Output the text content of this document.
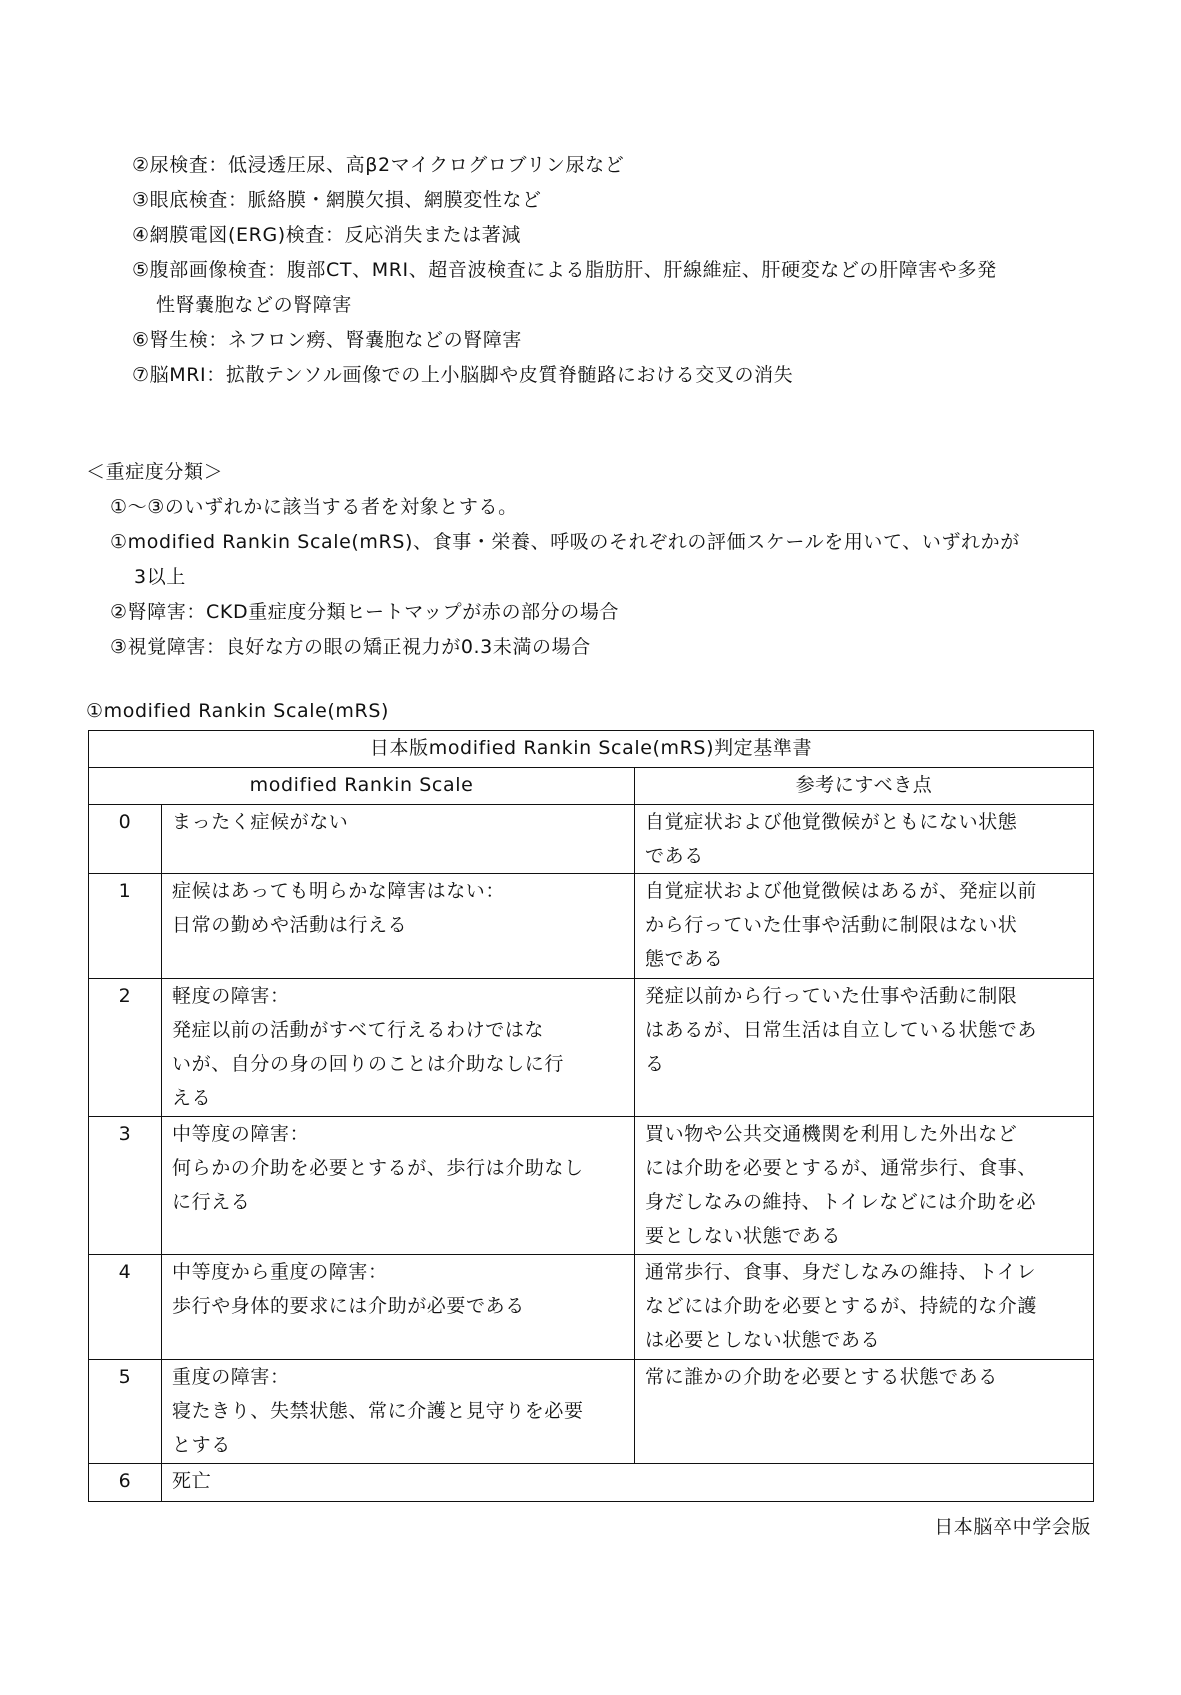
②尿検査：低浸透圧尿、高β2マイクログロブリン尿など
③眼底検査：脈絡膜・網膜欠損、網膜変性など
④網膜電図(ERG)検査：反応消失または著減
⑤腹部画像検査：腹部CT、MRI、超音波検査による脂肪肝、肝線維症、肝硬変などの肝障害や多発
性腎嚢胞などの腎障害
⑥腎生検：ネフロン癆、腎嚢胞などの腎障害
⑦脳MRI：拡散テンソル画像での上小脳脚や皮質脊髄路における交叉の消失
＜重症度分類＞
①～③のいずれかに該当する者を対象とする。
①modified Rankin Scale(mRS)、食事・栄養、呼吸のそれぞれの評価スケールを用いて、いずれかが
3以上
②腎障害：CKD重症度分類ヒートマップが赤の部分の場合
③視覚障害：良好な方の眼の矯正視力が0.3未満の場合
①modified Rankin Scale(mRS)
日本版modified Rankin Scale(mRS)判定基準書		
modified Rankin Scale		参考にすべき点
0	まったく症候がない	自覚症状および他覚徴候がともにない状態
である

1	症候はあっても明らかな障害はない：
日常の勤めや活動は行える	自覚症状および他覚徴候はあるが、発症以前
から行っていた仕事や活動に制限はない状
態である

2	軽度の障害：
発症以前の活動がすべて行えるわけではな
いが、自分の身の回りのことは介助なしに行
える	発症以前から行っていた仕事や活動に制限
はあるが、日常生活は自立している状態であ
る

3	中等度の障害：
何らかの介助を必要とするが、歩行は介助なし
に行える	買い物や公共交通機関を利用した外出など
には介助を必要とするが、通常歩行、食事、
身だしなみの維持、トイレなどには介助を必
要としない状態である

4	中等度から重度の障害：
歩行や身体的要求には介助が必要である	通常歩行、食事、身だしなみの維持、トイレ
などには介助を必要とするが、持続的な介護
は必要としない状態である

5	重度の障害：
寝たきり、失禁状態、常に介護と見守りを必要
とする	常に誰かの介助を必要とする状態である

6	死亡	
日本脳卒中学会版
